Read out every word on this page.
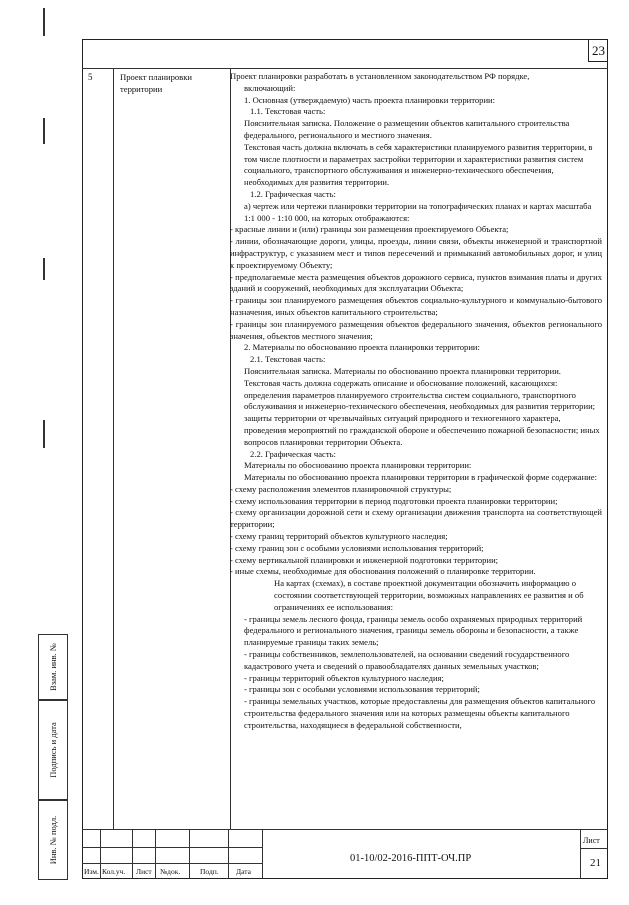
23
5	Проект планировки территории
Проект планировки разработать в установленном законодательством РФ порядке,
включающий:
1. Основная (утверждаемую) часть проекта планировки территории:
1.1. Текстовая часть:
Пояснительная записка. Положение о размещении объектов капитального строительства федерального, регионального и местного значения.
Текстовая часть должна включать в себя характеристики планируемого развития территории, в том числе плотности и параметрах застройки территории и характеристики развития систем социального, транспортного обслуживания и инженерно-технического обеспечения, необходимых для развития территории.
1.2. Графическая часть:
а) чертеж или чертежи планировки территории на топографических планах и картах масштаба 1:1 000 - 1:10 000, на которых отображаются:
- красные линии и (или) границы зон размещения проектируемого Объекта;
- линии, обозначающие дороги, улицы, проезды, линии связи, объекты инженерной и транспортной инфраструктур, с указанием мест и типов пересечений и примыканий автомобильных дорог, и улиц к проектируемому Объекту;
- предполагаемые места размещения объектов дорожного сервиса, пунктов взимания платы и других зданий и сооружений, необходимых для эксплуатации Объекта;
- границы зон планируемого размещения объектов социально-культурного и коммунально-бытового назначения, иных объектов капитального строительства;
- границы зон планируемого размещения объектов федерального значения, объектов регионального значения, объектов местного значения;
2. Материалы по обоснованию проекта планировки территории:
2.1. Текстовая часть:
Пояснительная записка. Материалы по обоснованию проекта планировки территории.
Текстовая часть должна содержать описание и обоснование положений, касающихся: определения параметров планируемого строительства систем социального, транспортного обслуживания и инженерно-технического обеспечения, необходимых для развития территории; защиты территории от чрезвычайных ситуаций природного и техногенного характера, проведения мероприятий по гражданской обороне и обеспечению пожарной безопасности; иных вопросов планировки территории Объекта.
2.2. Графическая часть:
Материалы по обоснованию проекта планировки территории:
Материалы по обоснованию проекта планировки территории в графической форме содержание:
- схему расположения элементов планировочной структуры;
- схему использования территории в период подготовки проекта планировки территории;
- схему организации дорожной сети и схему организации движения транспорта на соответствующей территории;
- схему границ территорий объектов культурного наследия;
- схему границ зон с особыми условиями использования территорий;
- схему вертикальной планировки и инженерной подготовки территории;
- иные схемы, необходимые для обоснования положений о планировке территории.
На картах (схемах), в составе проектной документации обозначить информацию о состоянии соответствующей территории, возможных направлениях ее развития и об ограничениях ее использования:
- границы земель лесного фонда, границы земель особо охраняемых природных территорий федерального и регионального значения, границы земель обороны и безопасности, а также планируемые границы таких земель;
- границы собственников, землепользователей, на основании сведений государственного кадастрового учета и сведений о правообладателях данных земельных участков;
- границы территорий объектов культурного наследия;
- границы зон с особыми условиями использования территорий;
- границы земельных участков, которые предоставлены для размещения объектов капитального строительства федерального значения или на которых размещены объекты капитального строительства, находящиеся в федеральной собственности,
Взам. инв. №
Подпись и дата
Инв. № подл.
Изм. Кол.уч. Лист №док.	Подп. Дата
01-10/02-2016-ППТ-ОЧ.ПР
Лист
21
